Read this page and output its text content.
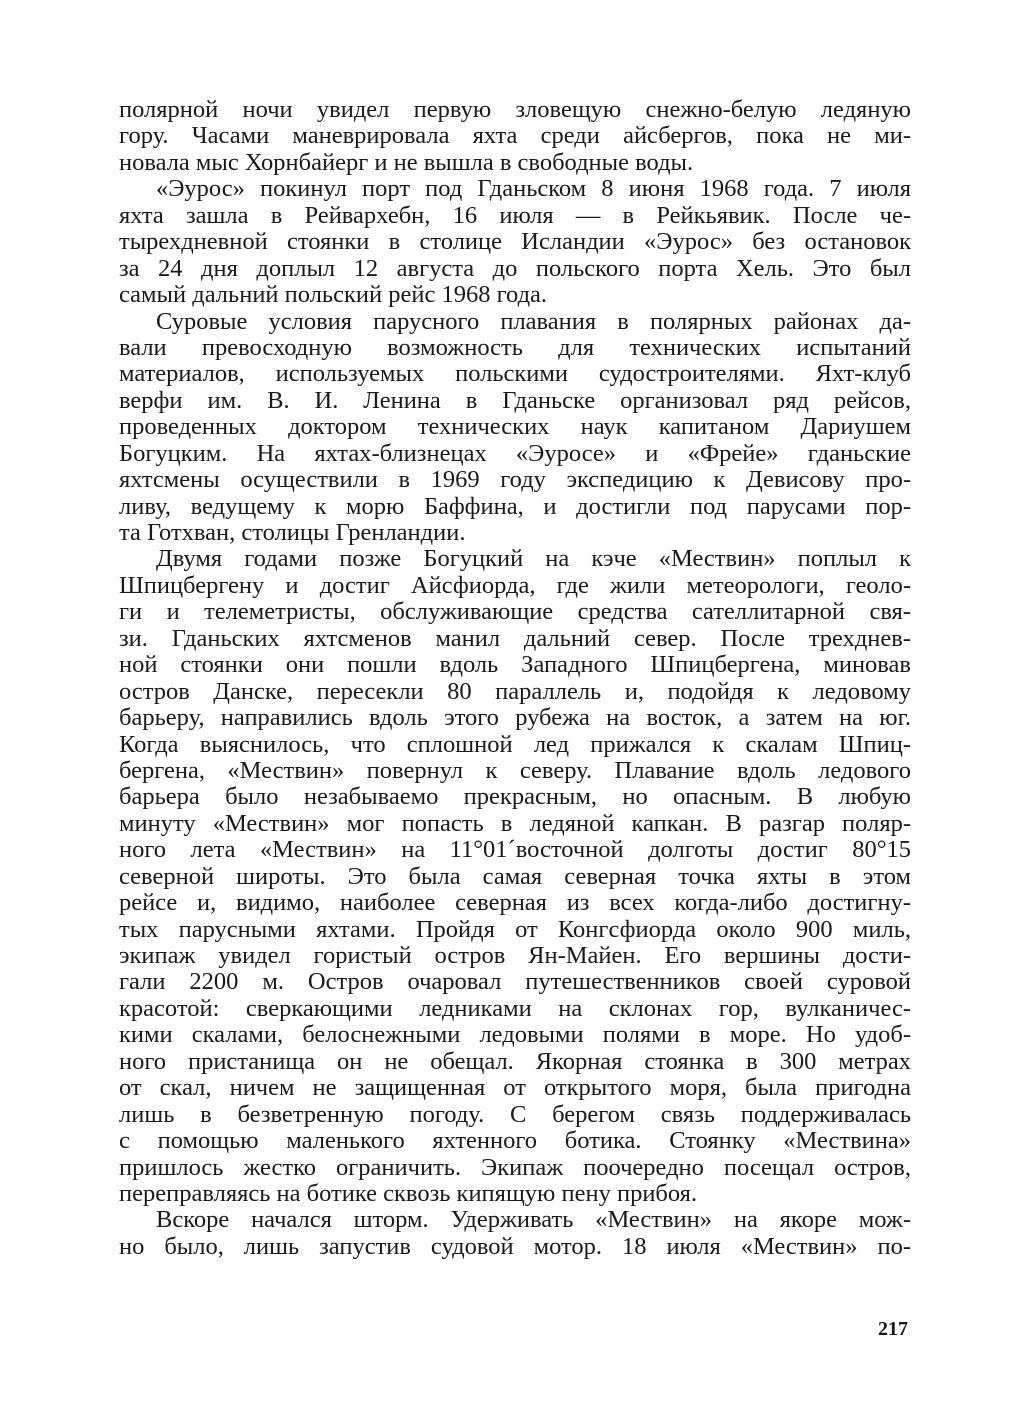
полярной ночи увидел первую зловещую снежно-белую ледяную
гору. Часами маневрировала яхта среди айсбергов, пока не ми-
новала мыс Хорнбайерг и не вышла в свободные воды.
«Эурос» покинул порт под Гданьском 8 июня 1968 года. 7 июля
яхта зашла в Рейвархебн, 16 июля — в Рейкьявик. После че-
тырехдневной стоянки в столице Исландии «Эурос» без остановок
за 24 дня доплыл 12 августа до польского порта Хель. Это был
самый дальний польский рейс 1968 года.
Суровые условия парусного плавания в полярных районах да-
вали превосходную возможность для технических испытаний
материалов, используемых польскими судостроителями. Яхт-клуб
верфи им. В. И. Ленина в Гданьске организовал ряд рейсов,
проведенных доктором технических наук капитаном Дариушем
Богуцким. На яхтах-близнецах «Эуросе» и «Фрейе» гданьские
яхтсмены осуществили в 1969 году экспедицию к Девисову про-
ливу, ведущему к морю Баффина, и достигли под парусами пор-
та Готхван, столицы Гренландии.
Двумя годами позже Богуцкий на кэче «Мествин» поплыл к
Шпицбергену и достиг Айсфиорда, где жили метеорологи, геоло-
ги и телеметристы, обслуживающие средства сателлитарной свя-
зи. Гданьских яхтсменов манил дальний север. После трехднев-
ной стоянки они пошли вдоль Западного Шпицбергена, миновав
остров Данске, пересекли 80 параллель и, подойдя к ледовому
барьеру, направились вдоль этого рубежа на восток, а затем на юг.
Когда выяснилось, что сплошной лед прижался к скалам Шпиц-
бергена, «Мествин» повернул к северу. Плавание вдоль ледового
барьера было незабываемо прекрасным, но опасным. В любую
минуту «Мествин» мог попасть в ледяной капкан. В разгар поляр-
ного лета «Мествин» на 11°01´восточной долготы достиг 80°15
северной широты. Это была самая северная точка яхты в этом
рейсе и, видимо, наиболее северная из всех когда-либо достигну-
тых парусными яхтами. Пройдя от Конгсфиорда около 900 миль,
экипаж увидел гористый остров Ян-Майен. Его вершины дости-
гали 2200 м. Остров очаровал путешественников своей суровой
красотой: сверкающими ледниками на склонах гор, вулканичес-
кими скалами, белоснежными ледовыми полями в море. Но удоб-
ного пристанища он не обещал. Якорная стоянка в 300 метрах
от скал, ничем не защищенная от открытого моря, была пригодна
лишь в безветренную погоду. С берегом связь поддерживалась
с помощью маленького яхтенного ботика. Стоянку «Мествина»
пришлось жестко ограничить. Экипаж поочередно посещал остров,
переправляясь на ботике сквозь кипящую пену прибоя.
Вскоре начался шторм. Удерживать «Мествин» на якоре мож-
но было, лишь запустив судовой мотор. 18 июля «Мествин» по-
217
